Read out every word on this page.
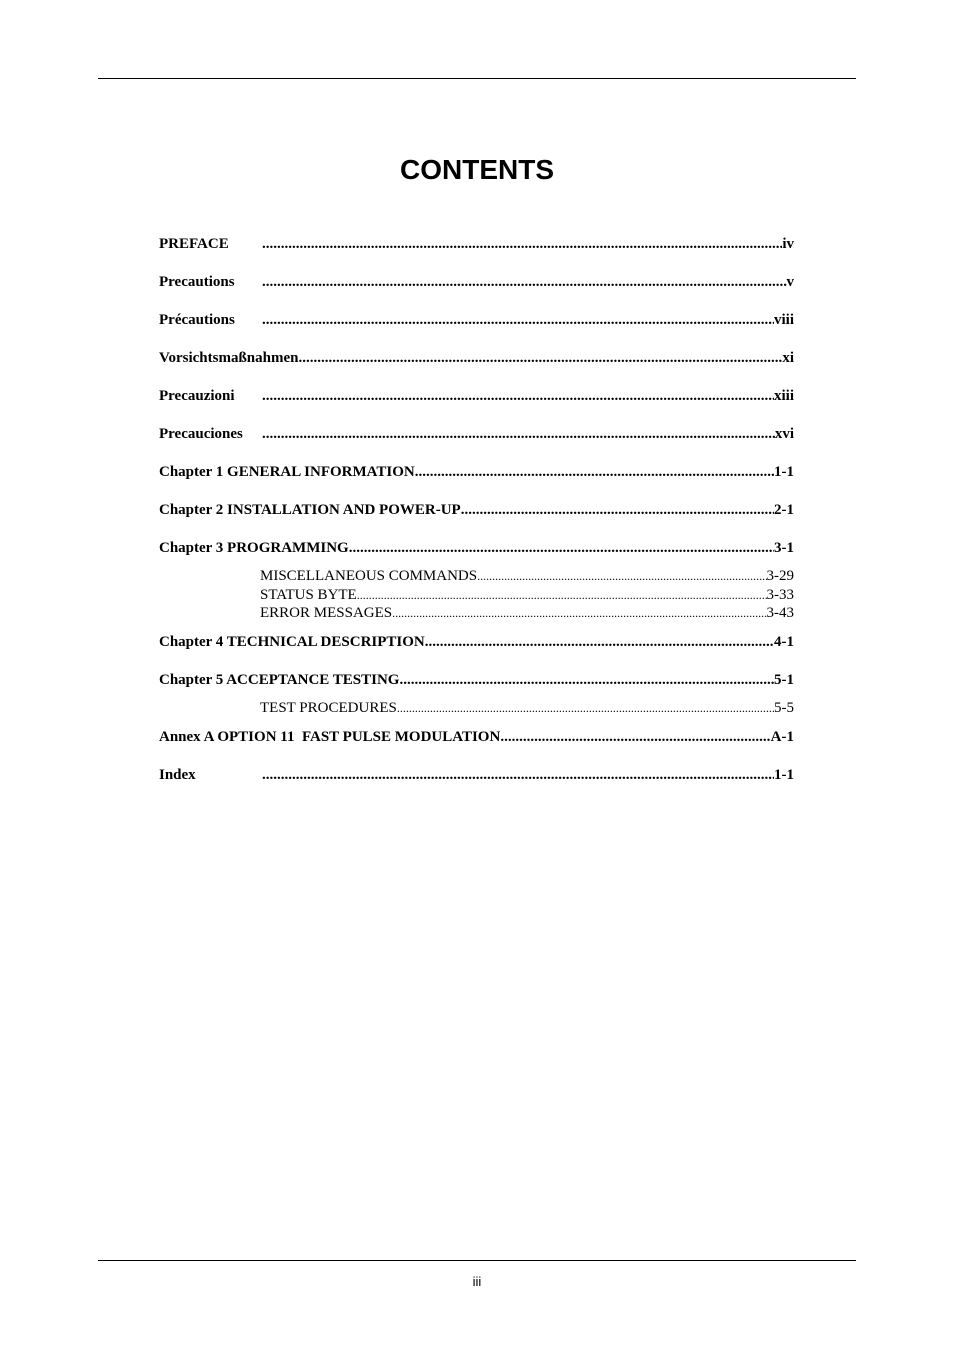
CONTENTS
PREFACE .....	iv
Precautions .....	v
Précautions .....	viii
Vorsichtsmaßnahmen .....	xi
Precauzioni .....	xiii
Precauciones .....	xvi
Chapter 1 GENERAL INFORMATION .....	1-1
Chapter 2 INSTALLATION AND POWER-UP .....	2-1
Chapter 3 PROGRAMMING .....	3-1
MISCELLANEOUS COMMANDS .....	3-29
STATUS BYTE .....	3-33
ERROR MESSAGES .....	3-43
Chapter 4 TECHNICAL DESCRIPTION .....	4-1
Chapter 5 ACCEPTANCE TESTING .....	5-1
TEST PROCEDURES .....	5-5
Annex A OPTION 11  FAST PULSE MODULATION .....	A-1
Index .....	1-1
iii
